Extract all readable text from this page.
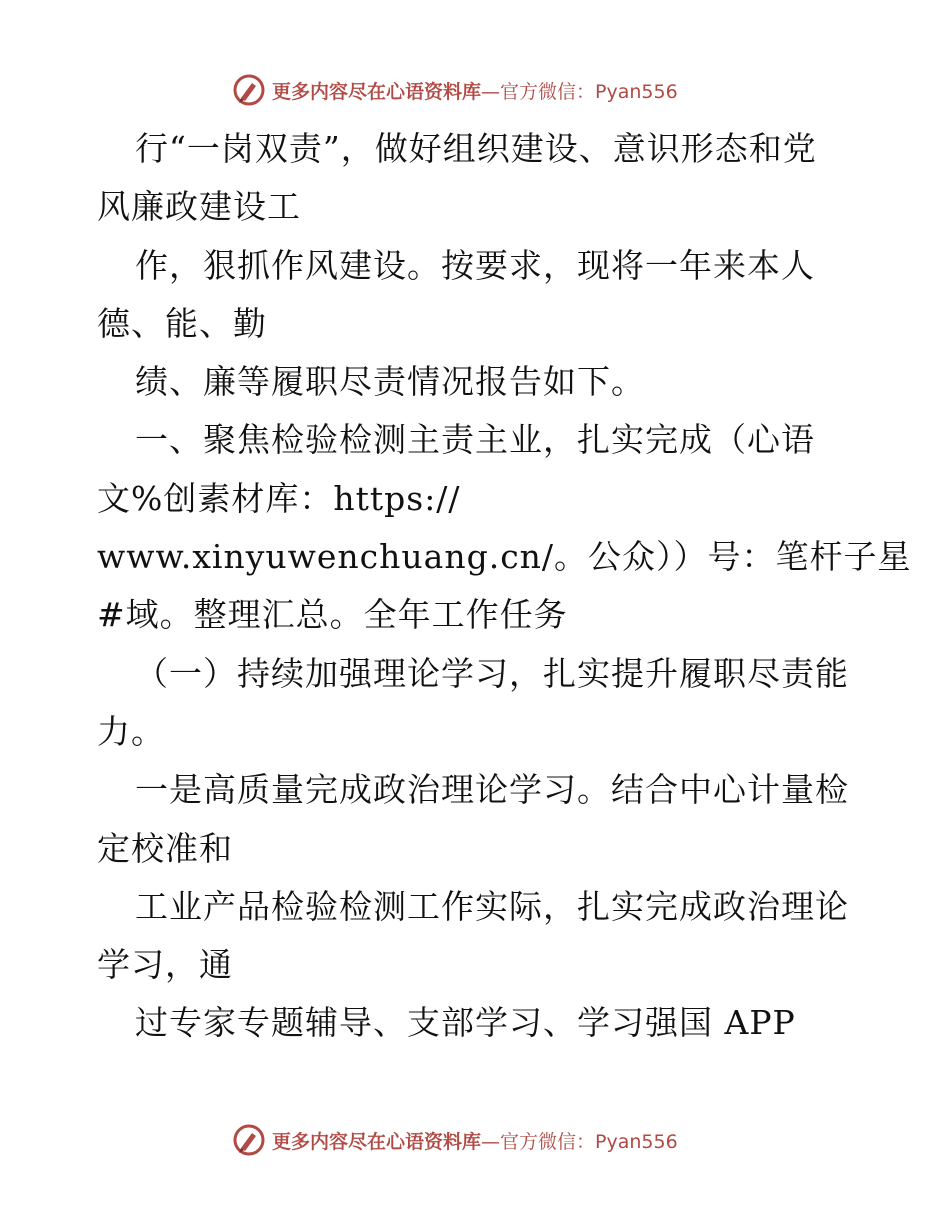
更多内容尽在心语资料库 —官方微信：Pyan556
行“一岗双责”，做好组织建设、意识形态和党
风廉政建设工
作，狠抓作风建设。按要求，现将一年来本人
德、能、勤
绩、廉等履职尽责情况报告如下。
一、聚焦检验检测主责主业，扎实完成（心语
文%创素材库：https://
www.xinyuwenchuang.cn/。公众））号：笔杆子星
#域。整理汇总。全年工作任务
（一）持续加强理论学习，扎实提升履职尽责能
力。
一是高质量完成政治理论学习。结合中心计量检
定校准和
工业产品检验检测工作实际，扎实完成政治理论
学习，通
过专家专题辅导、支部学习、学习强国 APP
更多内容尽在心语资料库 —官方微信：Pyan556
